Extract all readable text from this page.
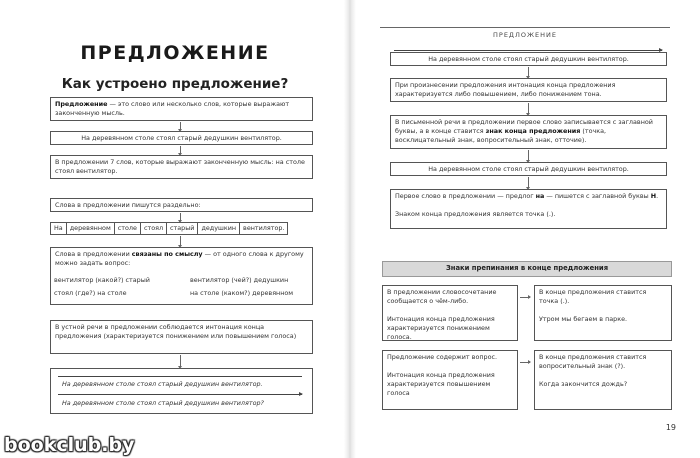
ПРЕДЛОЖЕНИЕ
Как устроено предложение?
Предложение — это слово или несколько слов, которые выражают законченную мысль.
На деревянном столе стоял старый дедушкин вентилятор.
В предложении 7 слов, которые выражают законченную мысль: на столе стоял вентилятор.
Слова в предложении пишутся раздельно:
На	деревянном	столе	стоял	старый	дедушкин	вентилятор.
Слова в предложении связаны по смыслу — от одного слова к другому можно задать вопрос:
вентилятор (какой?) старый
стоял (где?) на столе
вентилятор (чей?) дедушкин
на столе (каком?) деревянном
В устной речи в предложении соблюдается интонация конца предложения (характеризуется понижением или повышением голоса)
На деревянном столе стоял старый дедушкин вентилятор.
На деревянном столе стоял старый дедушкин вентилятор?
bookclub.by
ПРЕДЛОЖЕНИЕ
На деревянном столе стоял старый дедушкин вентилятор.
При произнесении предложения интонация конца предложения характеризуется либо повышением, либо понижением тона.
В письменной речи в предложении первое слово записывается с заглавной буквы, а в конце ставится знак конца предложения (точка, восклицательный знак, вопросительный знак, отточие).
На деревянном столе стоял старый дедушкин вентилятор.
Первое слово в предложении — предлог на — пишется с заглавной буквы Н.

Знаком конца предложения является точка (.).
Знаки препинания в конце предложения
В предложении словосочетание сообщается о чём-либо.

Интонация конца предложения характеризуется понижением голоса.
В конце предложения ставится точка (.).

Утром мы бегаем в парке.
Предложение содержит вопрос.

Интонация конца предложения характеризуется повышением голоса
В конце предложения ставится вопросительный знак (?).

Когда закончится дождь?
19
